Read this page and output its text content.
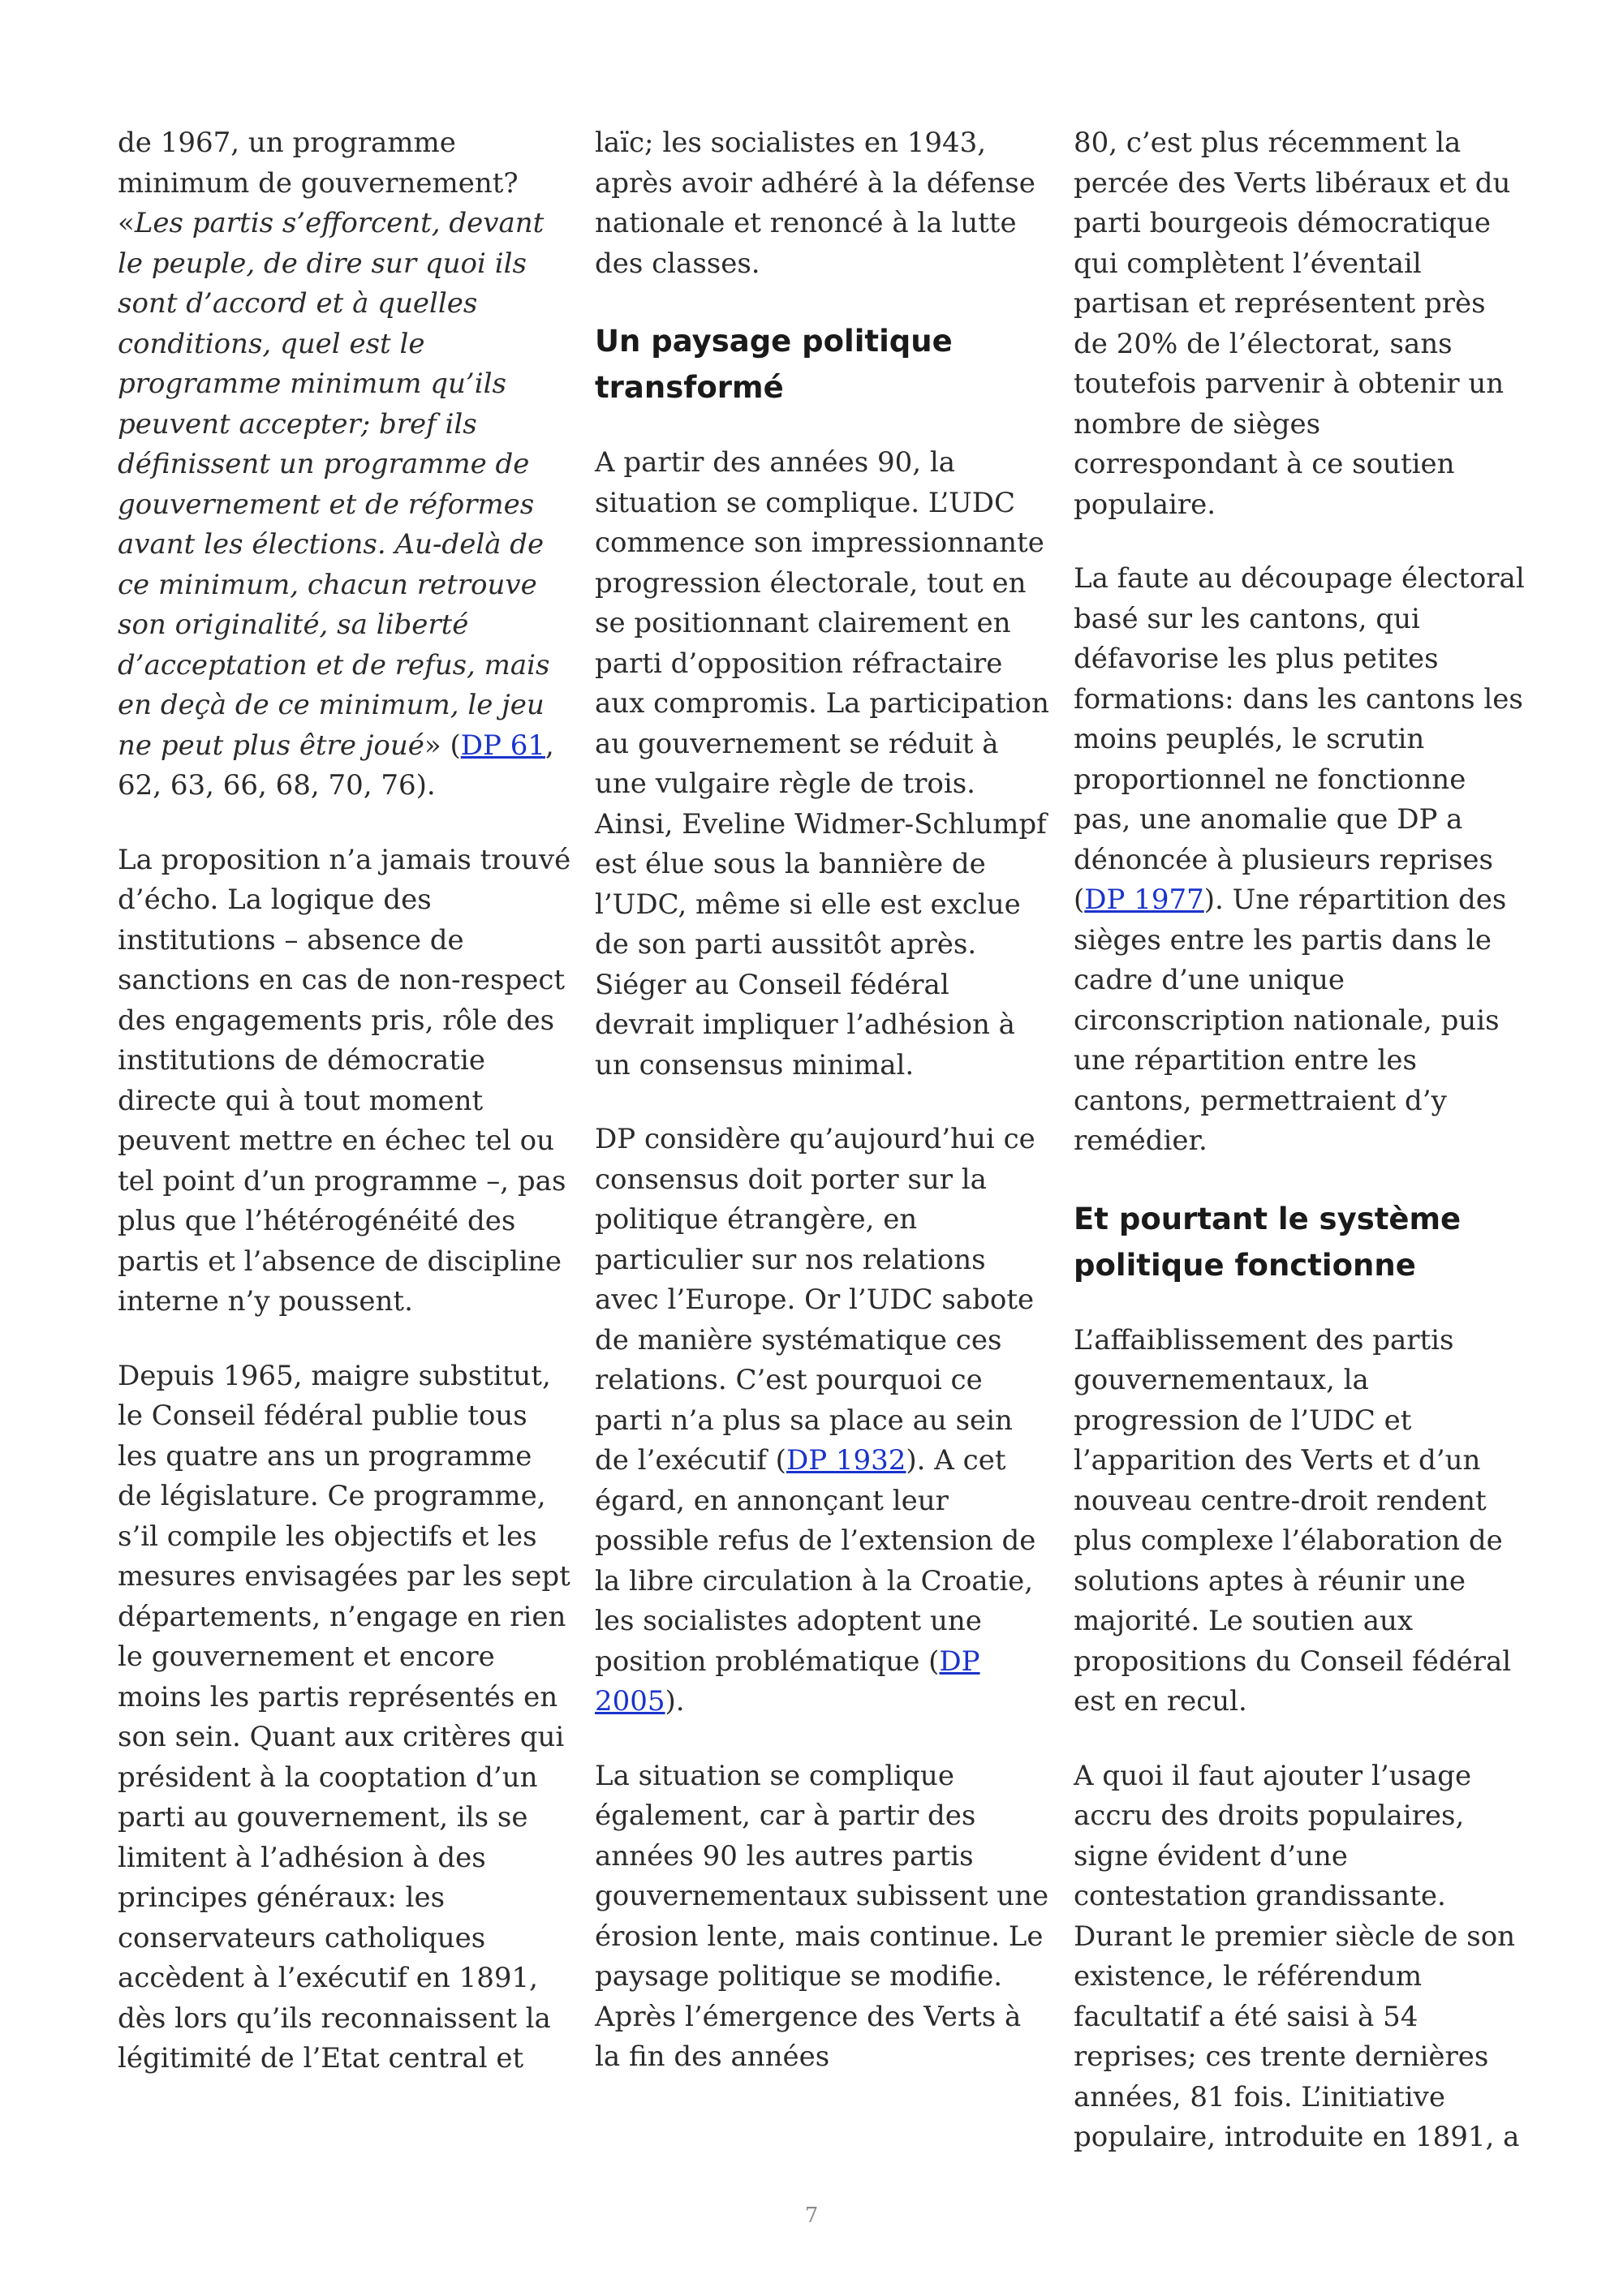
de 1967, un programme minimum de gouvernement? «Les partis s’efforcent, devant le peuple, de dire sur quoi ils sont d’accord et à quelles conditions, quel est le programme minimum qu’ils peuvent accepter; bref ils définissent un programme de gouvernement et de réformes avant les élections. Au-delà de ce minimum, chacun retrouve son originalité, sa liberté d’acceptation et de refus, mais en deçà de ce minimum, le jeu ne peut plus être joué» (DP 61, 62, 63, 66, 68, 70, 76).

La proposition n’a jamais trouvé d’écho. La logique des institutions – absence de sanctions en cas de non-respect des engagements pris, rôle des institutions de démocratie directe qui à tout moment peuvent mettre en échec tel ou tel point d’un programme –, pas plus que l’hétérogénéité des partis et l’absence de discipline interne n’y poussent.

Depuis 1965, maigre substitut, le Conseil fédéral publie tous les quatre ans un programme de législature. Ce programme, s’il compile les objectifs et les mesures envisagées par les sept départements, n’engage en rien le gouvernement et encore moins les partis représentés en son sein. Quant aux critères qui président à la cooptation d’un parti au gouvernement, ils se limitent à l’adhésion à des principes généraux: les conservateurs catholiques accèdent à l’exécutif en 1891, dès lors qu’ils reconnaissent la légitimité de l’Etat central et

laïc; les socialistes en 1943, après avoir adhéré à la défense nationale et renoncé à la lutte des classes.

Un paysage politique transformé

A partir des années 90, la situation se complique. L’UDC commence son impressionnante progression électorale, tout en se positionnant clairement en parti d’opposition réfractaire aux compromis. La participation au gouvernement se réduit à une vulgaire règle de trois. Ainsi, Eveline Widmer-Schlumpf est élue sous la bannière de l’UDC, même si elle est exclue de son parti aussitôt après. Siéger au Conseil fédéral devrait impliquer l’adhésion à un consensus minimal.

DP considère qu’aujourd’hui ce consensus doit porter sur la politique étrangère, en particulier sur nos relations avec l’Europe. Or l’UDC sabote de manière systématique ces relations. C’est pourquoi ce parti n’a plus sa place au sein de l’exécutif (DP 1932). A cet égard, en annonçant leur possible refus de l’extension de la libre circulation à la Croatie, les socialistes adoptent une position problématique (DP 2005).

La situation se complique également, car à partir des années 90 les autres partis gouvernementaux subissent une érosion lente, mais continue. Le paysage politique se modifie. Après l’émergence des Verts à la fin des années

80, c’est plus récemment la percée des Verts libéraux et du parti bourgeois démocratique qui complètent l’éventail partisan et représentent près de 20% de l’électorat, sans toutefois parvenir à obtenir un nombre de sièges correspondant à ce soutien populaire.

La faute au découpage électoral basé sur les cantons, qui défavorise les plus petites formations: dans les cantons les moins peuplés, le scrutin proportionnel ne fonctionne pas, une anomalie que DP a dénoncée à plusieurs reprises (DP 1977). Une répartition des sièges entre les partis dans le cadre d’une unique circonscription nationale, puis une répartition entre les cantons, permettraient d’y remédier.

Et pourtant le système politique fonctionne

L’affaiblissement des partis gouvernementaux, la progression de l’UDC et l’apparition des Verts et d’un nouveau centre-droit rendent plus complexe l’élaboration de solutions aptes à réunir une majorité. Le soutien aux propositions du Conseil fédéral est en recul.

A quoi il faut ajouter l’usage accru des droits populaires, signe évident d’une contestation grandissante. Durant le premier siècle de son existence, le référendum facultatif a été saisi à 54 reprises; ces trente dernières années, 81 fois. L’initiative populaire, introduite en 1891, a

7
